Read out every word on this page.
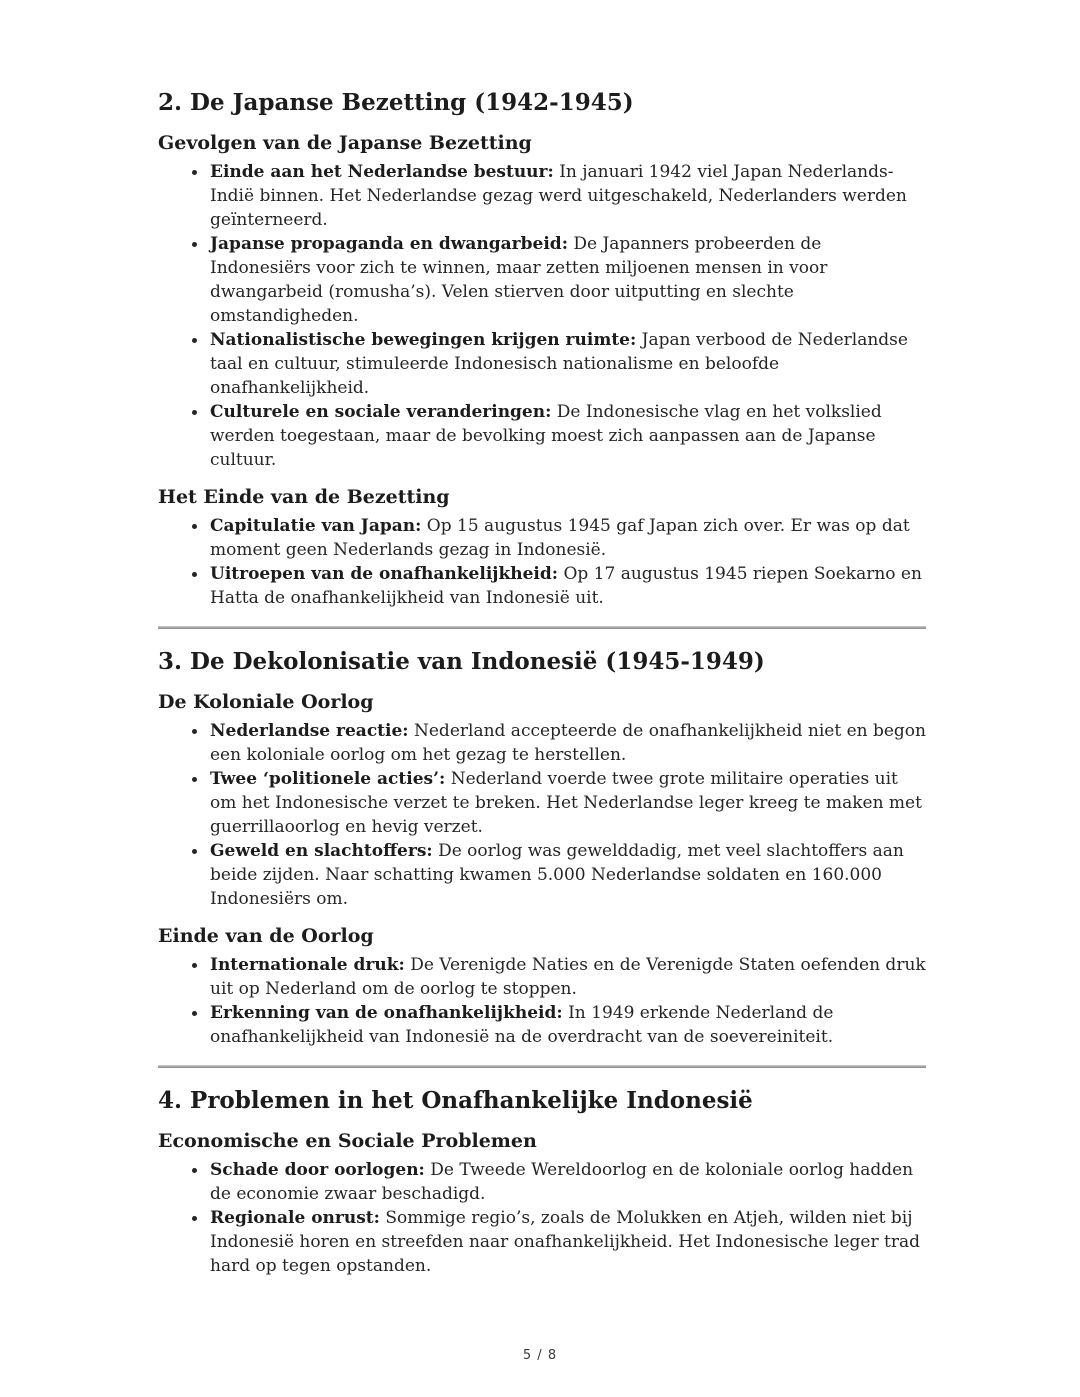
2. De Japanse Bezetting (1942-1945)
Gevolgen van de Japanse Bezetting
• Einde aan het Nederlandse bestuur: In januari 1942 viel Japan Nederlands-Indië binnen. Het Nederlandse gezag werd uitgeschakeld, Nederlanders werden geïnterneerd.
• Japanse propaganda en dwangarbeid: De Japanners probeerden de Indonesiërs voor zich te winnen, maar zetten miljoenen mensen in voor dwangarbeid (romusha’s). Velen stierven door uitputting en slechte omstandigheden.
• Nationalistische bewegingen krijgen ruimte: Japan verbood de Nederlandse taal en cultuur, stimuleerde Indonesisch nationalisme en beloofde onafhankelijkheid.
• Culturele en sociale veranderingen: De Indonesische vlag en het volkslied werden toegestaan, maar de bevolking moest zich aanpassen aan de Japanse cultuur.
Het Einde van de Bezetting
• Capitulatie van Japan: Op 15 augustus 1945 gaf Japan zich over. Er was op dat moment geen Nederlands gezag in Indonesië.
• Uitroepen van de onafhankelijkheid: Op 17 augustus 1945 riepen Soekarno en Hatta de onafhankelijkheid van Indonesië uit.
3. De Dekolonisatie van Indonesië (1945-1949)
De Koloniale Oorlog
• Nederlandse reactie: Nederland accepteerde de onafhankelijkheid niet en begon een koloniale oorlog om het gezag te herstellen.
• Twee ‘politionele acties’: Nederland voerde twee grote militaire operaties uit om het Indonesische verzet te breken. Het Nederlandse leger kreeg te maken met guerrillaoorlog en hevig verzet.
• Geweld en slachtoffers: De oorlog was gewelddadig, met veel slachtoffers aan beide zijden. Naar schatting kwamen 5.000 Nederlandse soldaten en 160.000 Indonesiërs om.
Einde van de Oorlog
• Internationale druk: De Verenigde Naties en de Verenigde Staten oefenden druk uit op Nederland om de oorlog te stoppen.
• Erkenning van de onafhankelijkheid: In 1949 erkende Nederland de onafhankelijkheid van Indonesië na de overdracht van de soevereiniteit.
4. Problemen in het Onafhankelijke Indonesië
Economische en Sociale Problemen
• Schade door oorlogen: De Tweede Wereldoorlog en de koloniale oorlog hadden de economie zwaar beschadigd.
• Regionale onrust: Sommige regio’s, zoals de Molukken en Atjeh, wilden niet bij Indonesië horen en streefden naar onafhankelijkheid. Het Indonesische leger trad hard op tegen opstanden.
5 / 8
